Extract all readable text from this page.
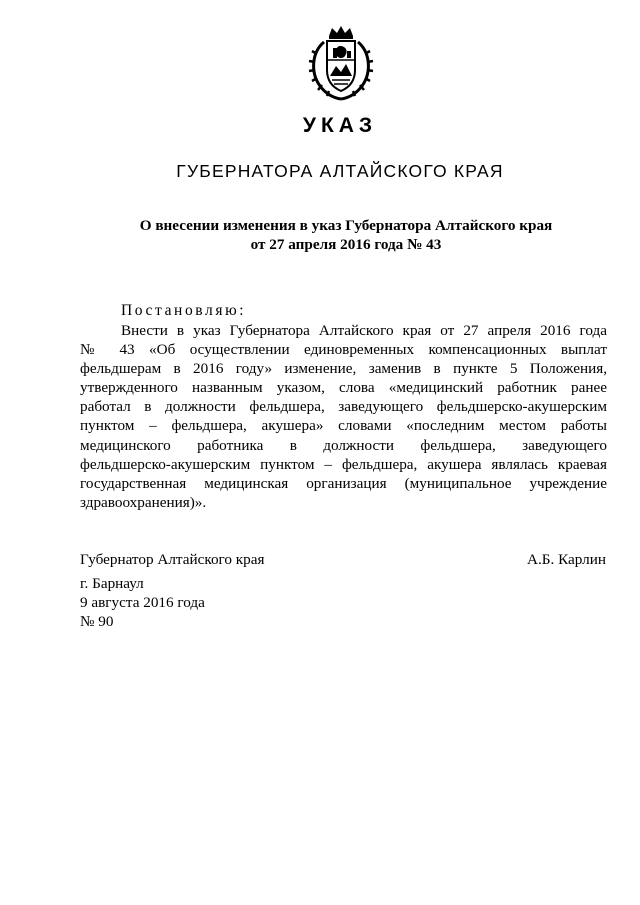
УКАЗ
ГУБЕРНАТОРА АЛТАЙСКОГО КРАЯ
О внесении изменения в указ Губернатора Алтайского края
от 27 апреля 2016 года № 43
Постановляю:
Внести в указ Губернатора Алтайского края от 27 апреля 2016 года
№ 43 «Об осуществлении единовременных компенсационных выплат
фельдшерам в 2016 году» изменение, заменив в пункте 5 Положения,
утвержденного названным указом, слова «медицинский работник ранее
работал в должности фельдшера, заведующего фельдшерско-акушерским
пунктом – фельдшера, акушера» словами «последним местом работы
медицинского работника в должности фельдшера, заведующего
фельдшерско-акушерским пунктом – фельдшера, акушера являлась краевая
государственная медицинская организация (муниципальное учреждение
здравоохранения)».
Губернатор Алтайского края	А.Б. Карлин
г. Барнаул
9 августа 2016 года
№ 90
